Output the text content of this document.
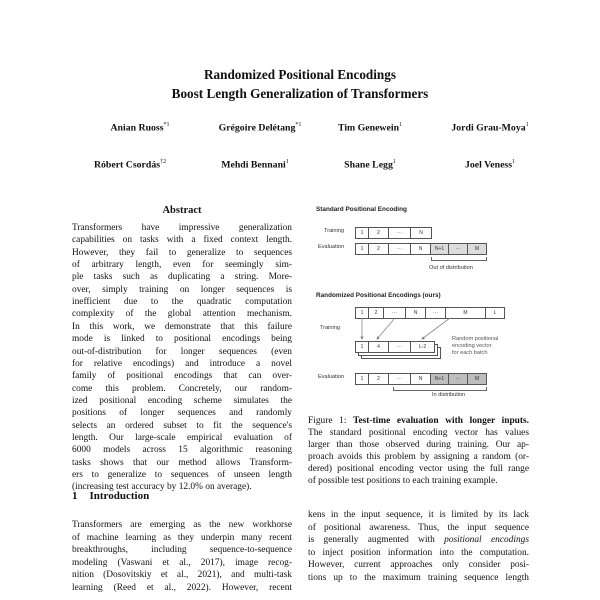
Randomized Positional Encodings
Boost Length Generalization of Transformers
Anian Ruoss$^{*1}$	Grégoire Delétang$^{*1}$	Tim Genewein$^1$	Jordi Grau-Moya$^1$
Róbert Csordás$^{\dagger 2}$	Mehdi Bennani$^1$	Shane Legg$^1$	Joel Veness$^1$
Abstract
Transformers have impressive generalization
capabilities on tasks with a fixed context length.
However, they fail to generalize to sequences
of arbitrary length, even for seemingly sim-
ple tasks such as duplicating a string. More-
over, simply training on longer sequences is
inefficient due to the quadratic computation
complexity of the global attention mechanism.
In this work, we demonstrate that this failure
mode is linked to positional encodings being
out-of-distribution for longer sequences (even
for relative encodings) and introduce a novel
family of positional encodings that can over-
come this problem. Concretely, our random-
ized positional encoding scheme simulates the
positions of longer sequences and randomly
selects an ordered subset to fit the sequence's
length. Our large-scale empirical evaluation of
6000 models across 15 algorithmic reasoning
tasks shows that our method allows Transform-
ers to generalize to sequences of unseen length
(increasing test accuracy by 12.0% on average).
1 Introduction
Transformers are emerging as the new workhorse
of machine learning as they underpin many recent
breakthroughs, including sequence-to-sequence
modeling (Vaswani et al., 2017), image recog-
nition (Dosovitskiy et al., 2021), and multi-task
learning (Reed et al., 2022). However, recent
kens in the input sequence, it is limited by its lack
of positional awareness. Thus, the input sequence
to inject position information into the computation.
However, current approaches only consider posi-
tions up to the maximum training sequence length
is generally augmented with positional encodings
Standard Positional Encoding
Training	1	2	···	N
Evaluation	1	2	···	N	N+1	···	M
Out of distribution
Randomized Positional Encodings (ours)
1	2	···	N	···	M	L
Training
1	4	···	L-2
Random positional
encoding vector
for each batch
Evaluation	1	2	···	N	N+1	···	M
In distribution
Figure 1: Test-time evaluation with longer inputs.
The standard positional encoding vector has values
larger than those observed during training. Our ap-
proach avoids this problem by assigning a random (or-
dered) positional encoding vector using the full range
of possible test positions to each training example.
